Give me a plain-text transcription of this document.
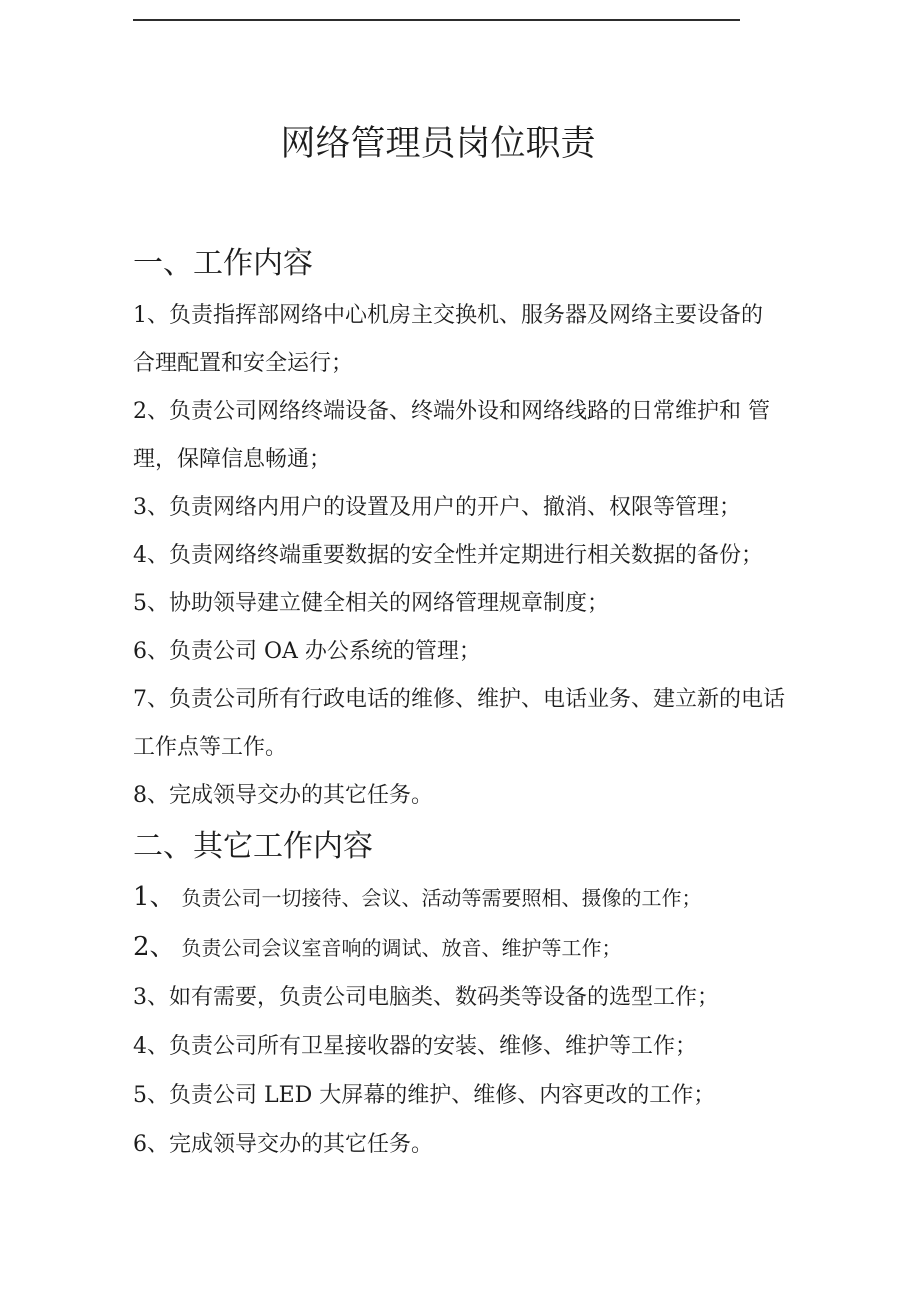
网络管理员岗位职责
一、工作内容
1、负责指挥部网络中心机房主交换机、服务器及网络主要设备的
合理配置和安全运行；
2、负责公司网络终端设备、终端外设和网络线路的日常维护和 管
理，保障信息畅通；
3、负责网络内用户的设置及用户的开户、撤消、权限等管理；
4、负责网络终端重要数据的安全性并定期进行相关数据的备份；
5、协助领导建立健全相关的网络管理规章制度；
6、负责公司 OA 办公系统的管理；
7、负责公司所有行政电话的维修、维护、电话业务、建立新的电话
工作点等工作。
8、完成领导交办的其它任务。
二、其它工作内容
1、 负责公司一切接待、会议、活动等需要照相、摄像的工作；
2、 负责公司会议室音响的调试、放音、维护等工作；
3、如有需要，负责公司电脑类、数码类等设备的选型工作；
4、负责公司所有卫星接收器的安装、维修、维护等工作；
5、负责公司 LED 大屏幕的维护、维修、内容更改的工作；
6、完成领导交办的其它任务。
